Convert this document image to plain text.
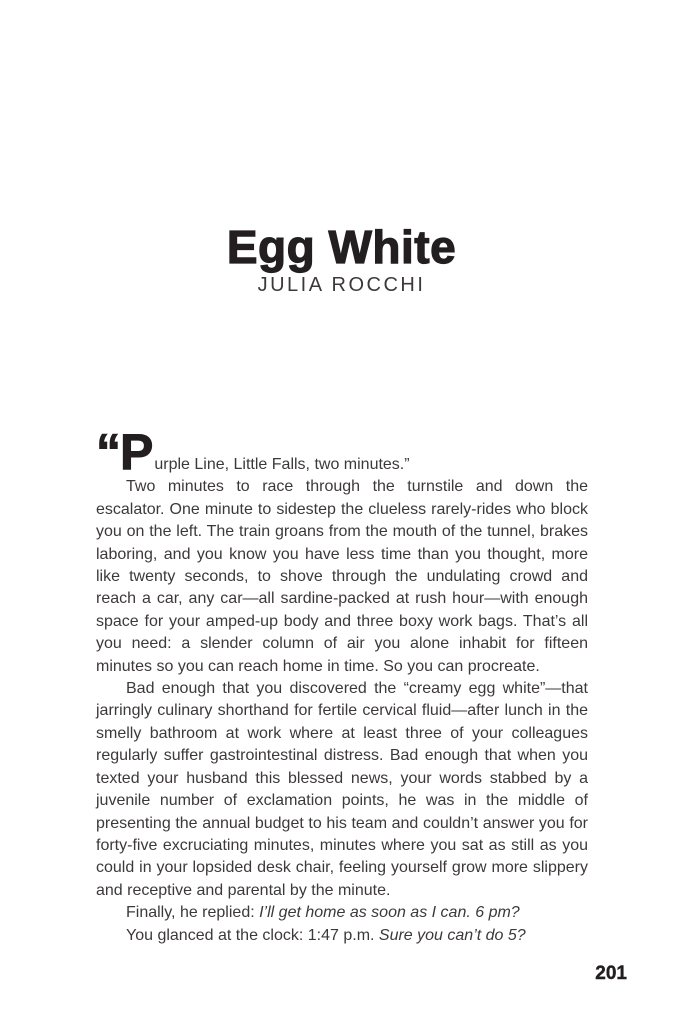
Egg White
JULIA ROCCHI

“P urple Line, Little Falls, two minutes.”

Two minutes to race through the turnstile and down the escalator. One minute to sidestep the clueless rarely-rides who block you on the left. The train groans from the mouth of the tunnel, brakes laboring, and you know you have less time than you thought, more like twenty seconds, to shove through the undulating crowd and reach a car, any car—all sardine-packed at rush hour—with enough space for your amped-up body and three boxy work bags. That’s all you need: a slender column of air you alone inhabit for fifteen minutes so you can reach home in time. So you can procreate.

Bad enough that you discovered the “creamy egg white”—that jarringly culinary shorthand for fertile cervical fluid—after lunch in the smelly bathroom at work where at least three of your colleagues regularly suffer gastrointestinal distress. Bad enough that when you texted your husband this blessed news, your words stabbed by a juvenile number of exclamation points, he was in the middle of presenting the annual budget to his team and couldn’t answer you for forty-five excruciating minutes, minutes where you sat as still as you could in your lopsided desk chair, feeling yourself grow more slippery and receptive and parental by the minute.

Finally, he replied: I’ll get home as soon as I can. 6 pm?

You glanced at the clock: 1:47 p.m. Sure you can’t do 5?

201
